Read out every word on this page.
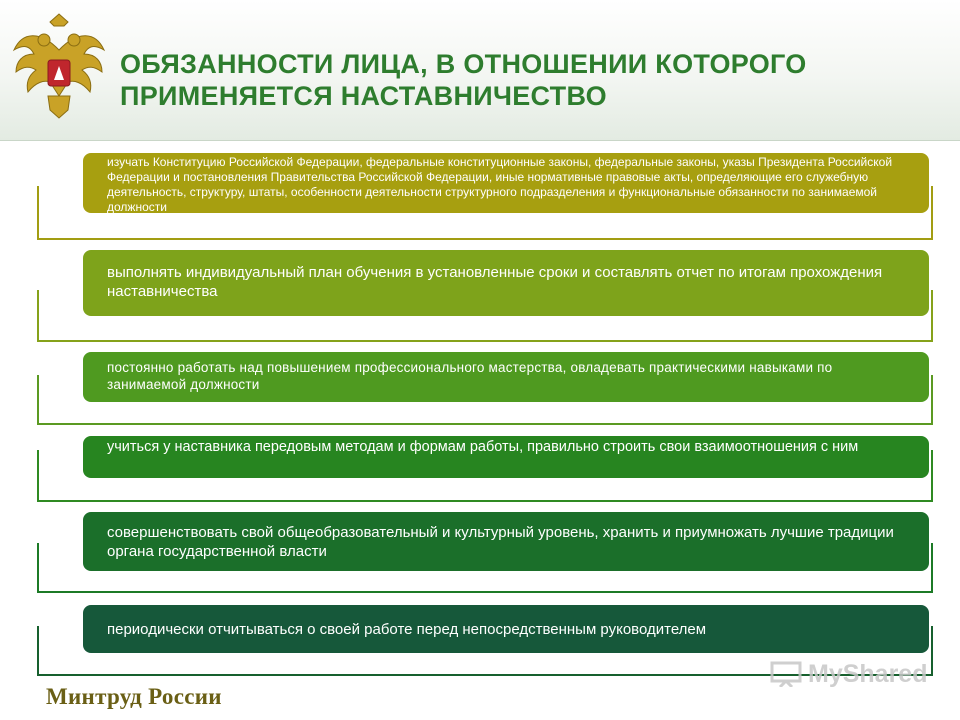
ОБЯЗАННОСТИ ЛИЦА, В ОТНОШЕНИИ КОТОРОГО
ПРИМЕНЯЕТСЯ НАСТАВНИЧЕСТВО
изучать Конституцию Российской Федерации, федеральные конституционные законы, федеральные законы, указы Президента Российской Федерации и постановления Правительства Российской Федерации, иные нормативные правовые акты, определяющие его служебную деятельность, структуру, штаты, особенности деятельности структурного подразделения и функциональные обязанности по занимаемой должности
выполнять индивидуальный план обучения в установленные сроки и составлять отчет по итогам прохождения наставничества
постоянно работать над повышением профессионального мастерства, овладевать практическими навыками по занимаемой должности
учиться у наставника передовым методам и формам работы, правильно строить свои взаимоотношения с ним
совершенствовать свой общеобразовательный и культурный уровень, хранить и приумножать лучшие традиции органа государственной власти
периодически отчитываться о своей работе перед непосредственным руководителем
Минтруд России
MyShared
